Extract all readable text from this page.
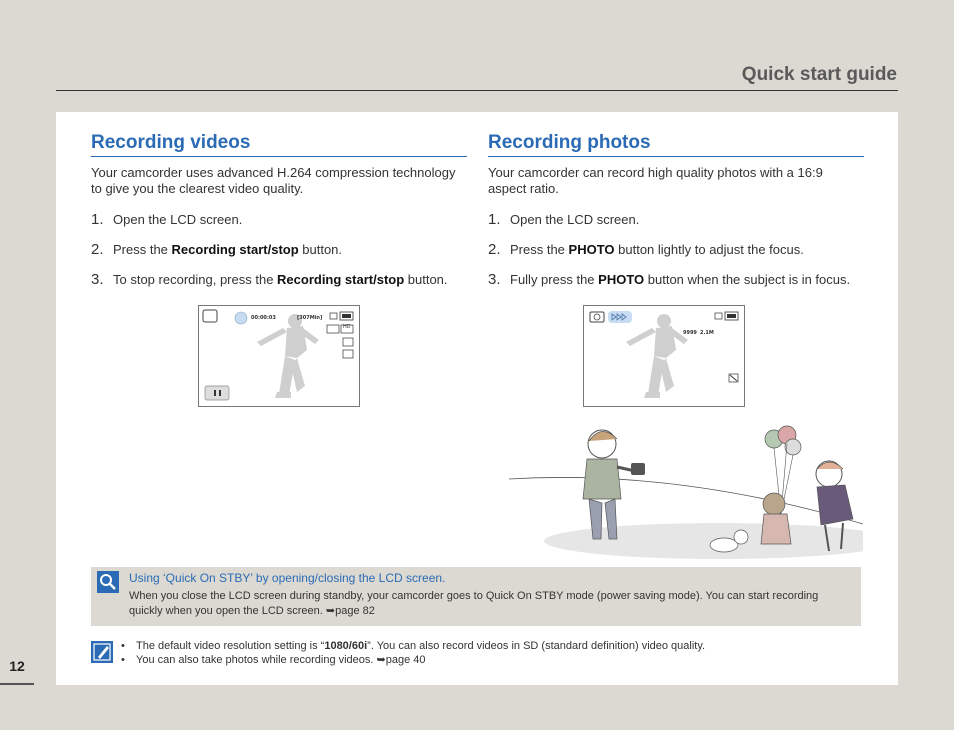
Quick start guide
Recording videos
Your camcorder uses advanced H.264 compression technology to give you the clearest video quality.
1. Open the LCD screen.
2. Press the Recording start/stop button.
3. To stop recording, press the Recording start/stop button.
00:00:03	[307Min]
HD
Recording photos
Your camcorder can record high quality photos with a 16:9 aspect ratio.
1. Open the LCD screen.
2. Press the PHOTO button lightly to adjust the focus.
3. Fully press the PHOTO button when the subject is in focus.
9999 2.1M
Using ‘Quick On STBY’ by opening/closing the LCD screen.
When you close the LCD screen during standby, your camcorder goes to Quick On STBY mode (power saving mode). You can start recording quickly when you open the LCD screen. ➥page 82
• The default video resolution setting is “1080/60i”. You can also record videos in SD (standard definition) video quality.
• You can also take photos while recording videos. ➥page 40
12
